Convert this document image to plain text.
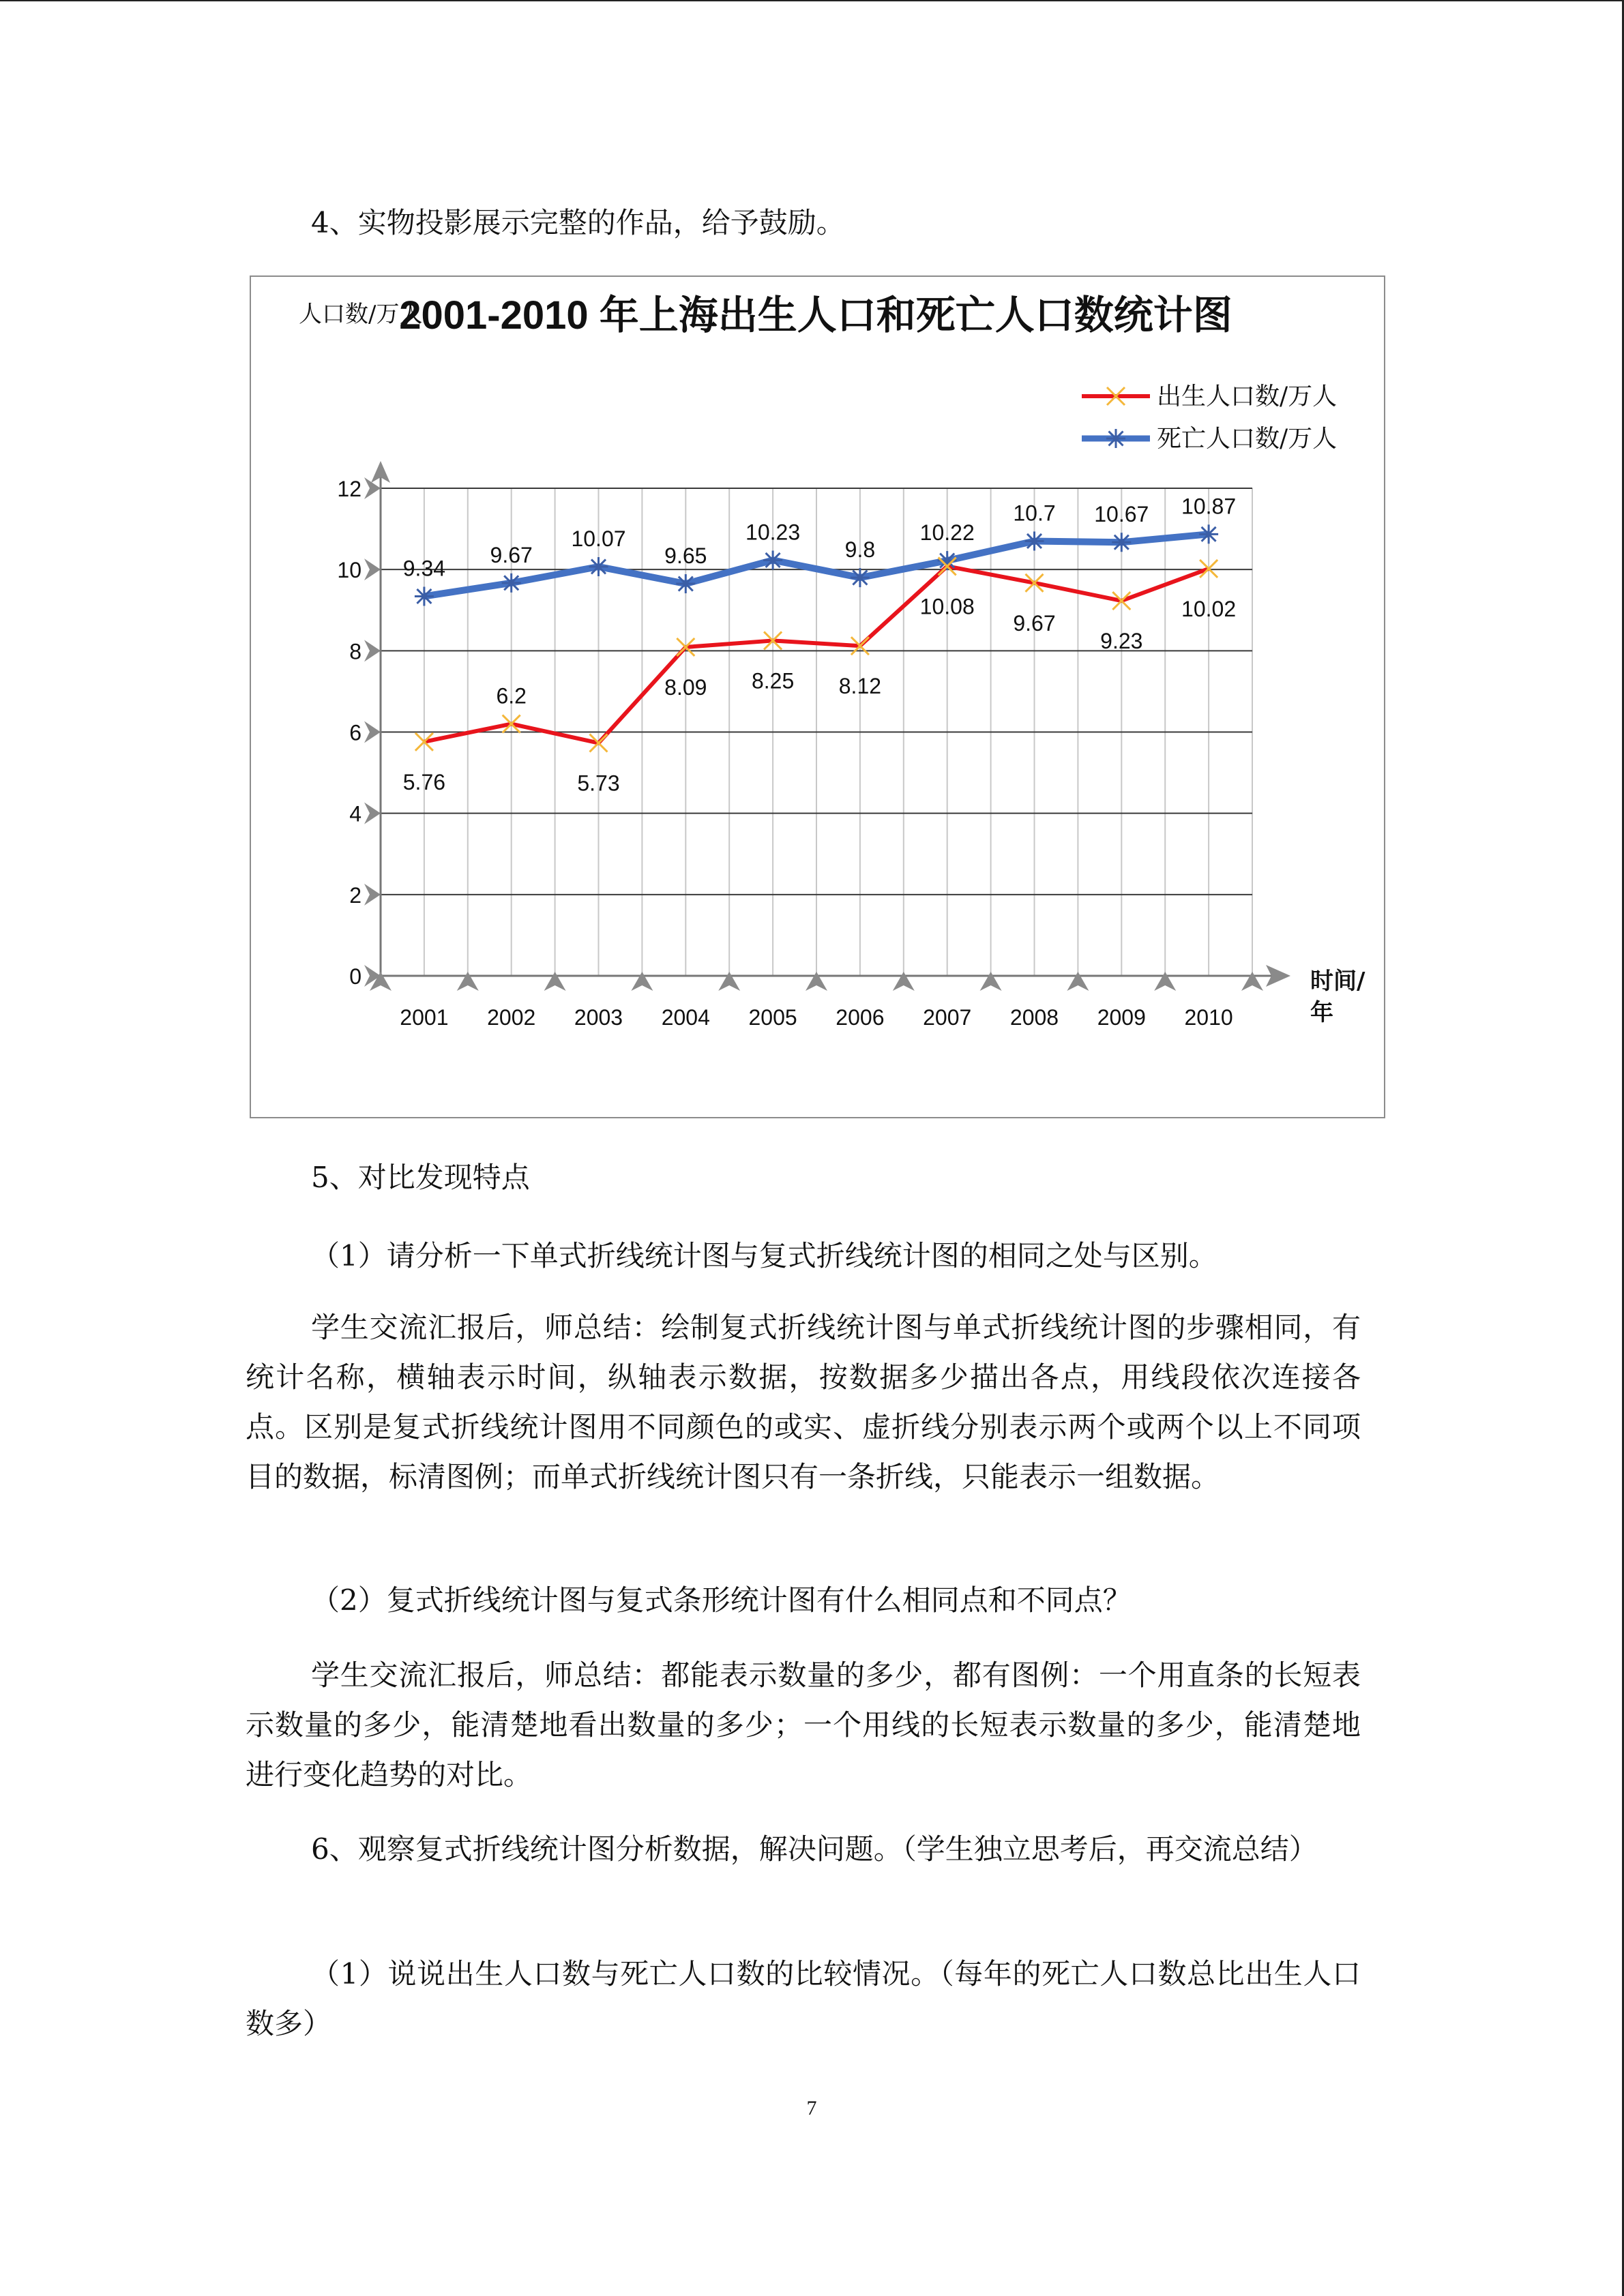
4、实物投影展示完整的作品，给予鼓励。

2001-2010 年上海出生人口和死亡人口数统计图
人口数/万人
时间/
年
出生人口数/万人
死亡人口数/万人
0
2
4
6
8
10
12
2001 2002 2003 2004 2005 2006 2007 2008 2009 2010
9.34
9.67
10.07
9.65
10.23
9.8
10.22
10.7 10.67 10.87
5.76
6.2
5.73
8.09 8.25 8.12
10.08
9.67
9.23
10.02

5、对比发现特点

（1）请分析一下单式折线统计图与复式折线统计图的相同之处与区别。

学生交流汇报后，师总结：绘制复式折线统计图与单式折线统计图的步骤相同，有统计名称，横轴表示时间，纵轴表示数据，按数据多少描出各点，用线段依次连接各点。区别是复式折线统计图用不同颜色的或实、虚折线分别表示两个或两个以上不同项目的数据，标清图例；而单式折线统计图只有一条折线，只能表示一组数据。

（2）复式折线统计图与复式条形统计图有什么相同点和不同点？

学生交流汇报后，师总结：都能表示数量的多少，都有图例：一个用直条的长短表示数量的多少，能清楚地看出数量的多少；一个用线的长短表示数量的多少，能清楚地进行变化趋势的对比。

6、观察复式折线统计图分析数据，解决问题。（学生独立思考后，再交流总结）

（1）说说出生人口数与死亡人口数的比较情况。（每年的死亡人口数总比出生人口数多）

7
